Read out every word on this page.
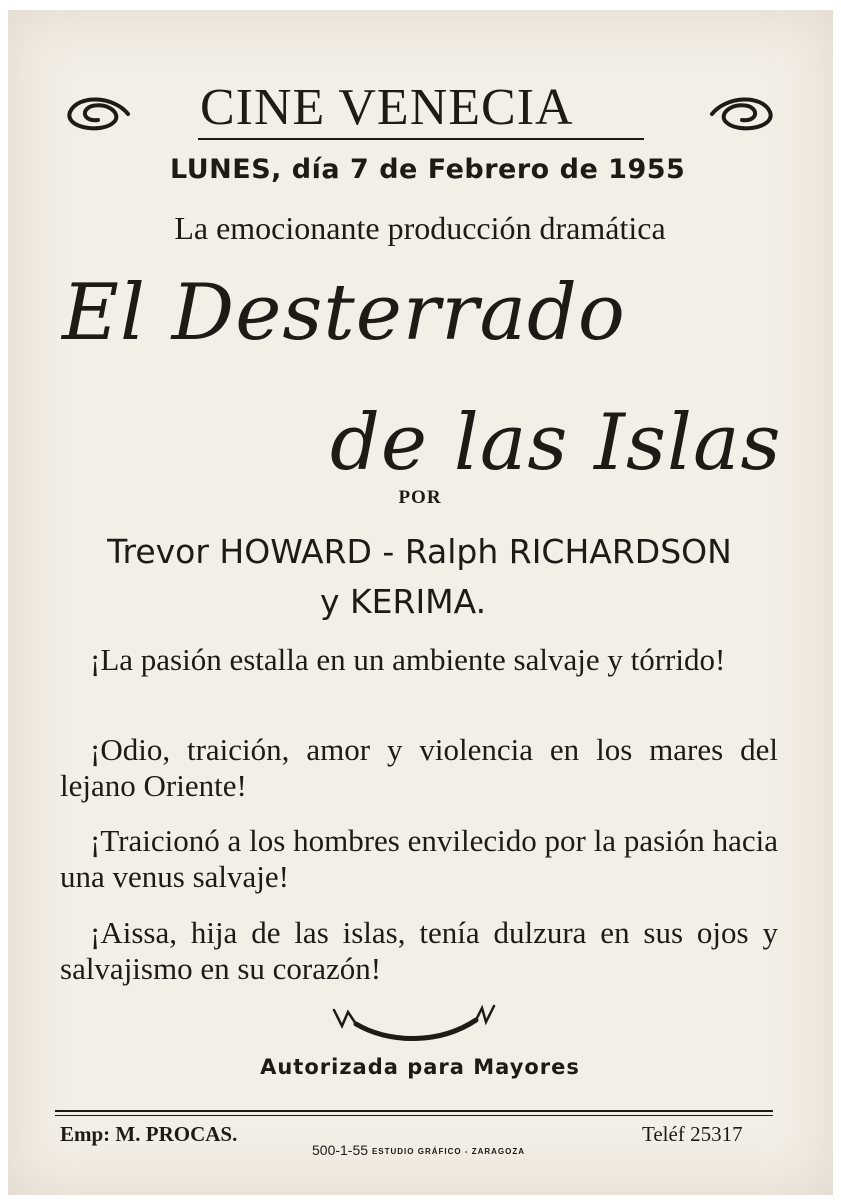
CINE VENECIA
LUNES, día 7 de Febrero de 1955
La emocionante producción dramática
El Desterrado
de las Islas
POR
Trevor HOWARD - Ralph RICHARDSON
y KERIMA.
¡La pasión estalla en un ambiente salvaje y tórrido!
¡Odio, traición, amor y violencia en los mares del lejano Oriente!
¡Traicionó a los hombres envilecido por la pasión hacia una venus salvaje!
¡Aissa, hija de las islas, tenía dulzura en sus ojos y salvajismo en su corazón!
Autorizada para Mayores
Emp: M. PROCAS.	Teléf 25317
500-1-55 ESTUDIO GRÁFICO - ZARAGOZA
